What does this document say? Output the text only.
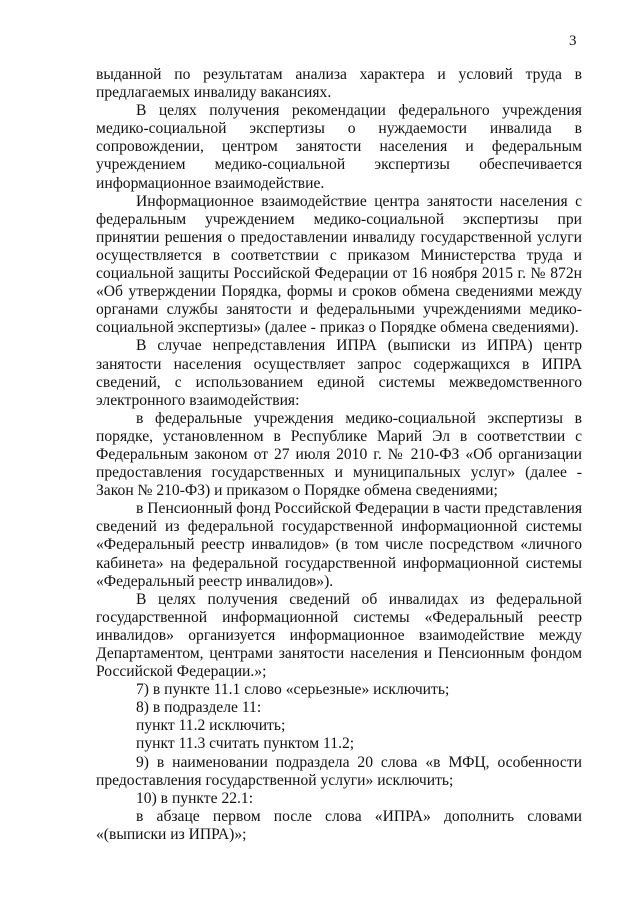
3

выданной по результатам анализа характера и условий труда в предлагаемых инвалиду вакансиях.

В целях получения рекомендации федерального учреждения медико-социальной экспертизы о нуждаемости инвалида в сопровождении, центром занятости населения и федеральным учреждением медико-социальной экспертизы обеспечивается информационное взаимодействие.

Информационное взаимодействие центра занятости населения с федеральным учреждением медико-социальной экспертизы при принятии решения о предоставлении инвалиду государственной услуги осуществляется в соответствии с приказом Министерства труда и социальной защиты Российской Федерации от 16 ноября 2015 г. № 872н «Об утверждении Порядка, формы и сроков обмена сведениями между органами службы занятости и федеральными учреждениями медико-социальной экспертизы» (далее - приказ о Порядке обмена сведениями).

В случае непредставления ИПРА (выписки из ИПРА) центр занятости населения осуществляет запрос содержащихся в ИПРА сведений, с использованием единой системы межведомственного электронного взаимодействия:

в федеральные учреждения медико-социальной экспертизы в порядке, установленном в Республике Марий Эл в соответствии с Федеральным законом от 27 июля 2010 г. № 210-ФЗ «Об организации предоставления государственных и муниципальных услуг» (далее - Закон № 210-ФЗ) и приказом о Порядке обмена сведениями;

в Пенсионный фонд Российской Федерации в части представления сведений из федеральной государственной информационной системы «Федеральный реестр инвалидов» (в том числе посредством «личного кабинета» на федеральной государственной информационной системы «Федеральный реестр инвалидов»).

В целях получения сведений об инвалидах из федеральной государственной информационной системы «Федеральный реестр инвалидов» организуется информационное взаимодействие между Департаментом, центрами занятости населения и Пенсионным фондом Российской Федерации.»;

7) в пункте 11.1 слово «серьезные» исключить;

8) в подразделе 11:

пункт 11.2 исключить;

пункт 11.3 считать пунктом 11.2;

9) в наименовании подраздела 20 слова «в МФЦ, особенности предоставления государственной услуги» исключить;

10) в пункте 22.1:

в абзаце первом после слова «ИПРА» дополнить словами «(выписки из ИПРА)»;
